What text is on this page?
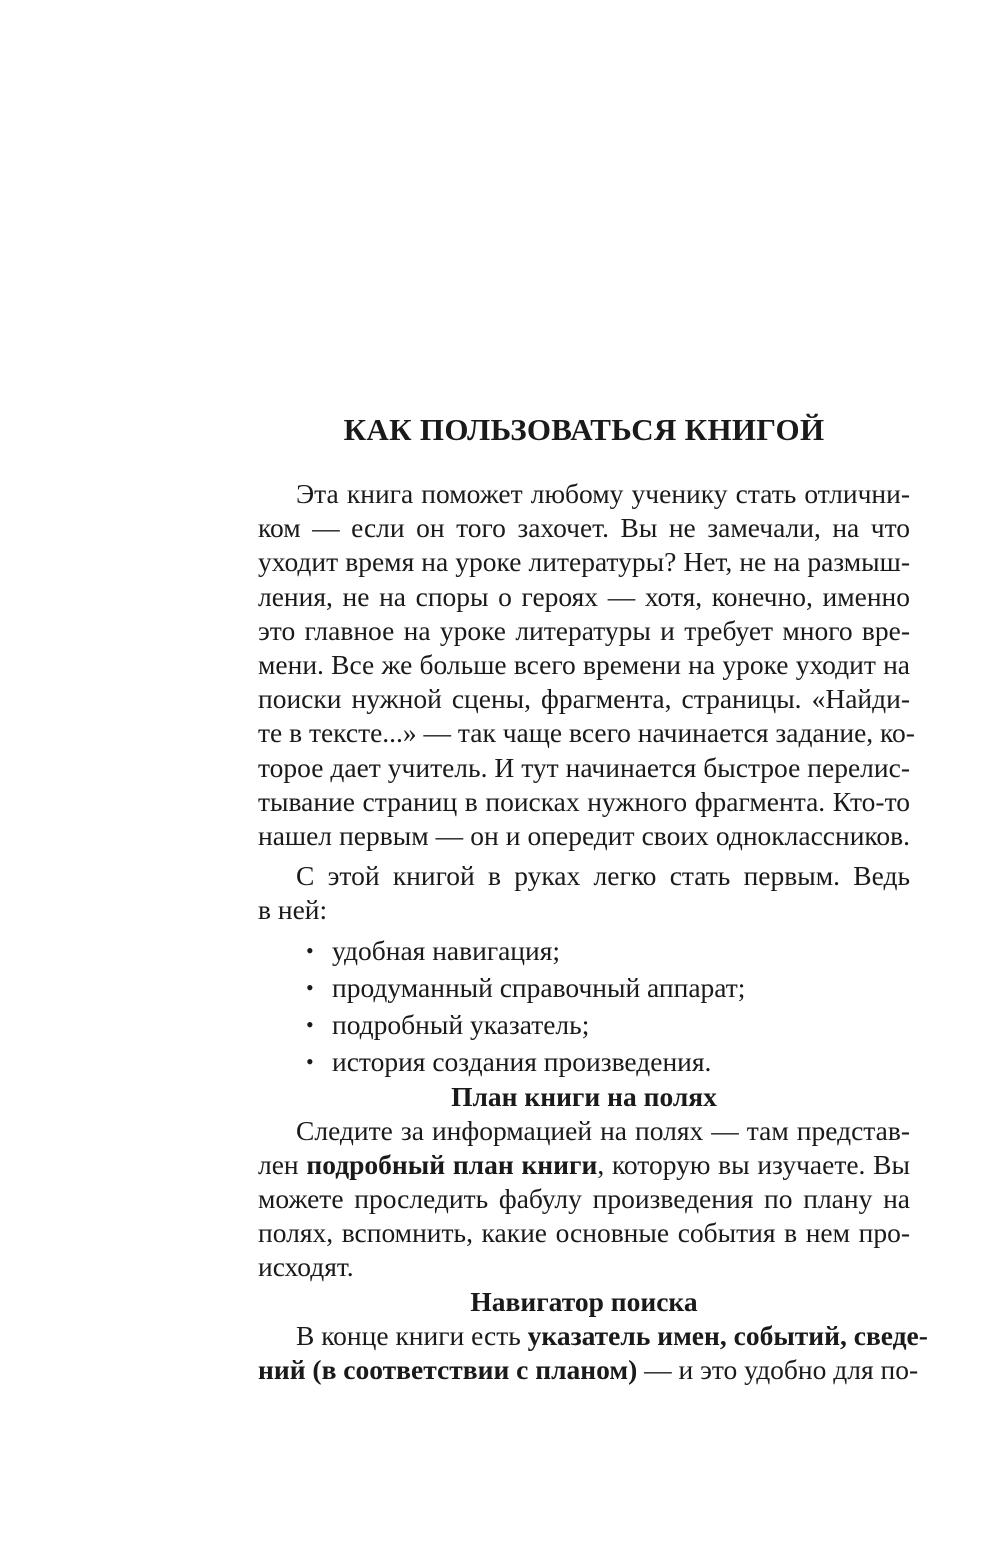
КАК ПОЛЬЗОВАТЬСЯ КНИГОЙ
Эта книга поможет любому ученику стать отлични-
ком — если он того захочет. Вы не замечали, на что
уходит время на уроке литературы? Нет, не на размыш-
ления, не на споры о героях — хотя, конечно, именно
это главное на уроке литературы и требует много вре-
мени. Все же больше всего времени на уроке уходит на
поиски нужной сцены, фрагмента, страницы. «Найди-
те в тексте...» — так чаще всего начинается задание, ко-
торое дает учитель. И тут начинается быстрое перелис-
тывание страниц в поисках нужного фрагмента. Кто-то
нашел первым — он и опередит своих одноклассников.
С этой книгой в руках легко стать первым. Ведь
в ней:
• удобная навигация;
• продуманный справочный аппарат;
• подробный указатель;
• история создания произведения.
План книги на полях
Следите за информацией на полях — там представ-
лен подробный план книги, которую вы изучаете. Вы
можете проследить фабулу произведения по плану на
полях, вспомнить, какие основные события в нем про-
исходят.
Навигатор поиска
В конце книги есть указатель имен, событий, сведе-
ний (в соответствии с планом) — и это удобно для по-
